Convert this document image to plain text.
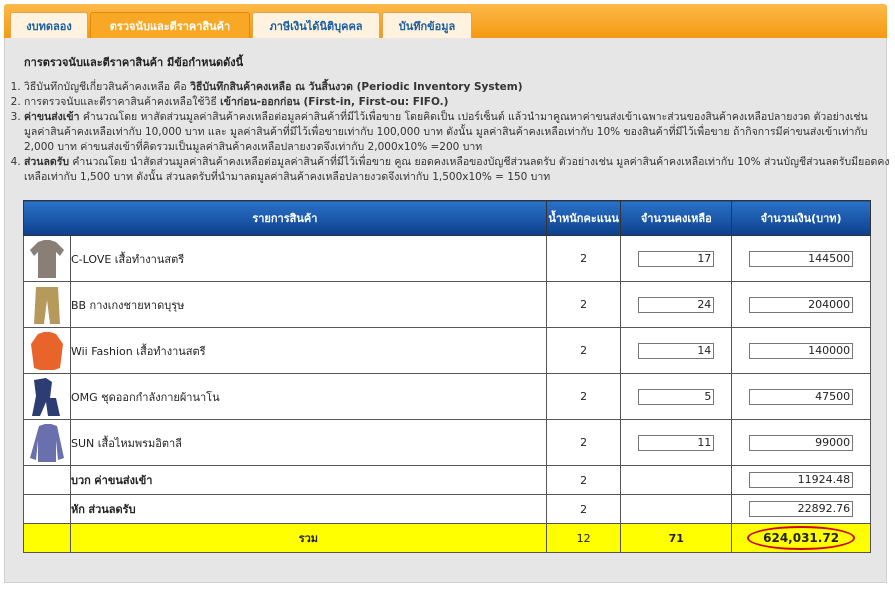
งบทดลอง	ตรวจนับและตีราคาสินค้า	ภาษีเงินได้นิติบุคคล	บันทึกข้อมูล
การตรวจนับและตีราคาสินค้า มีข้อกำหนดดังนี้
1. วิธีบันทึกบัญชีเกี่ยวสินค้าคงเหลือ คือ วิธีบันทึกสินค้าคงเหลือ ณ วันสิ้นงวด (Periodic Inventory System)
2. การตรวจนับและตีราคาสินค้าคงเหลือใช้วิธี เข้าก่อน-ออกก่อน (First-in, First-ou: FIFO.)
3. ค่าขนส่งเข้า คำนวณโดย หาสัดส่วนมูลค่าสินค้าคงเหลือต่อมูลค่าสินค้าที่มีไว้เพื่อขาย โดยคิดเป็น เปอร์เซ็นต์ แล้วนำมาคูณหาค่าขนส่งเข้าเฉพาะส่วนของสินค้าคงเหลือปลายงวด ตัวอย่างเช่น มูลค่าสินค้าคงเหลือเท่ากับ 10,000 บาท และ มูลค่าสินค้าที่มีไว้เพื่อขายเท่ากับ 100,000 บาท ดังนั้น มูลค่าสินค้าคงเหลือเท่ากับ 10% ของสินค้าที่มีไว้เพื่อขาย ถ้ากิจการมีค่าขนส่งเข้าเท่ากับ 2,000 บาท ค่าขนส่งเข้าที่คิดรวมเป็นมูลค่าสินค้าคงเหลือปลายงวดจึงเท่ากับ 2,000x10% =200 บาท
4. ส่วนลดรับ คำนวณโดย นำสัดส่วนมูลค่าสินค้าคงเหลือต่อมูลค่าสินค้าที่มีไว้เพื่อขาย คูณ ยอดคงเหลือของบัญชีส่วนลดรับ ตัวอย่างเช่น มูลค่าสินค้าคงเหลือเท่ากับ 10% ส่วนบัญชีส่วนลดรับมียอดคงเหลือเท่ากับ 1,500 บาท ดังนั้น ส่วนลดรับที่นำมาลดมูลค่าสินค้าคงเหลือปลายงวดจึงเท่ากับ 1,500x10% = 150 บาท
รายการสินค้า		น้ำหนักคะแนน	จำนวนคงเหลือ	จำนวนเงิน(บาท)

	C-LOVE เสื้อทำงานสตรี	2	17	144500

	BB กางเกงชายหาดบุรุษ	2	24	204000

	Wii Fashion เสื้อทำงานสตรี	2	14	140000

	OMG ชุดออกกำลังกายผ้านาโน	2	5	47500

	SUN เสื้อไหมพรมอิตาลี	2	11	99000
	บวก ค่าขนส่งเข้า	2		11924.48
	หัก ส่วนลดรับ	2		22892.76
	รวม	12	71	624,031.72
